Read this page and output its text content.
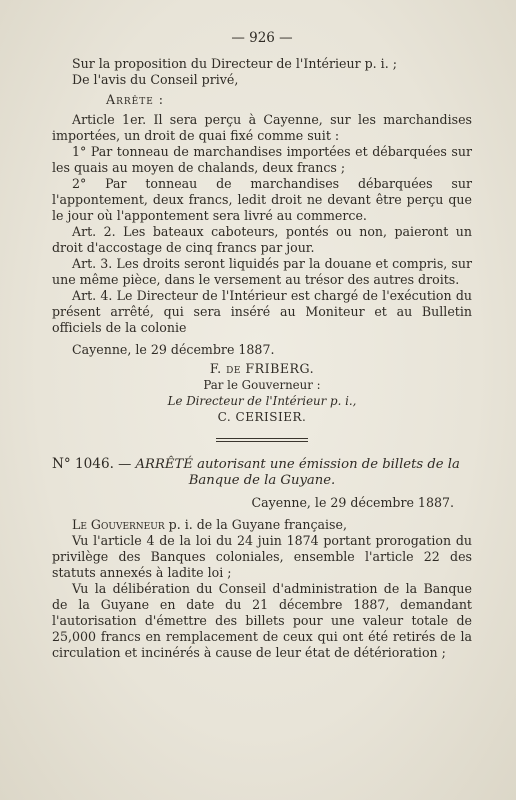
— 926 —

Sur la proposition du Directeur de l'Intérieur p. i. ;

De l'avis du Conseil privé,

Arrête :

Article 1er. Il sera perçu à Cayenne, sur les marchandises importées, un droit de quai fixé comme suit :

1° Par tonneau de marchandises importées et débarquées sur les quais au moyen de chalands, deux francs ;

2° Par tonneau de marchandises débarquées sur l'appontement, deux francs, ledit droit ne devant être perçu que le jour où l'appontement sera livré au commerce.

Art. 2. Les bateaux caboteurs, pontés ou non, paieront un droit d'accostage de cinq francs par jour.

Art. 3. Les droits seront liquidés par la douane et compris, sur une même pièce, dans le versement au trésor des autres droits.

Art. 4. Le Directeur de l'Intérieur est chargé de l'exécution du présent arrêté, qui sera inséré au Moniteur et au Bulletin officiels de la colonie

Cayenne, le 29 décembre 1887.

F. de FRIBERG.
Par le Gouverneur :
Le Directeur de l'Intérieur p. i.,
C. CERISIER.

N° 1046. — ARRÊTÉ autorisant une émission de billets de la
Banque de la Guyane.

Cayenne, le 29 décembre 1887.

Le Gouverneur p. i. de la Guyane française,

Vu l'article 4 de la loi du 24 juin 1874 portant prorogation du privilège des Banques coloniales, ensemble l'article 22 des statuts annexés à ladite loi ;

Vu la délibération du Conseil d'administration de la Banque de la Guyane en date du 21 décembre 1887, demandant l'autorisation d'émettre des billets pour une valeur totale de 25,000 francs en remplacement de ceux qui ont été retirés de la circulation et incinérés à cause de leur état de détérioration ;
